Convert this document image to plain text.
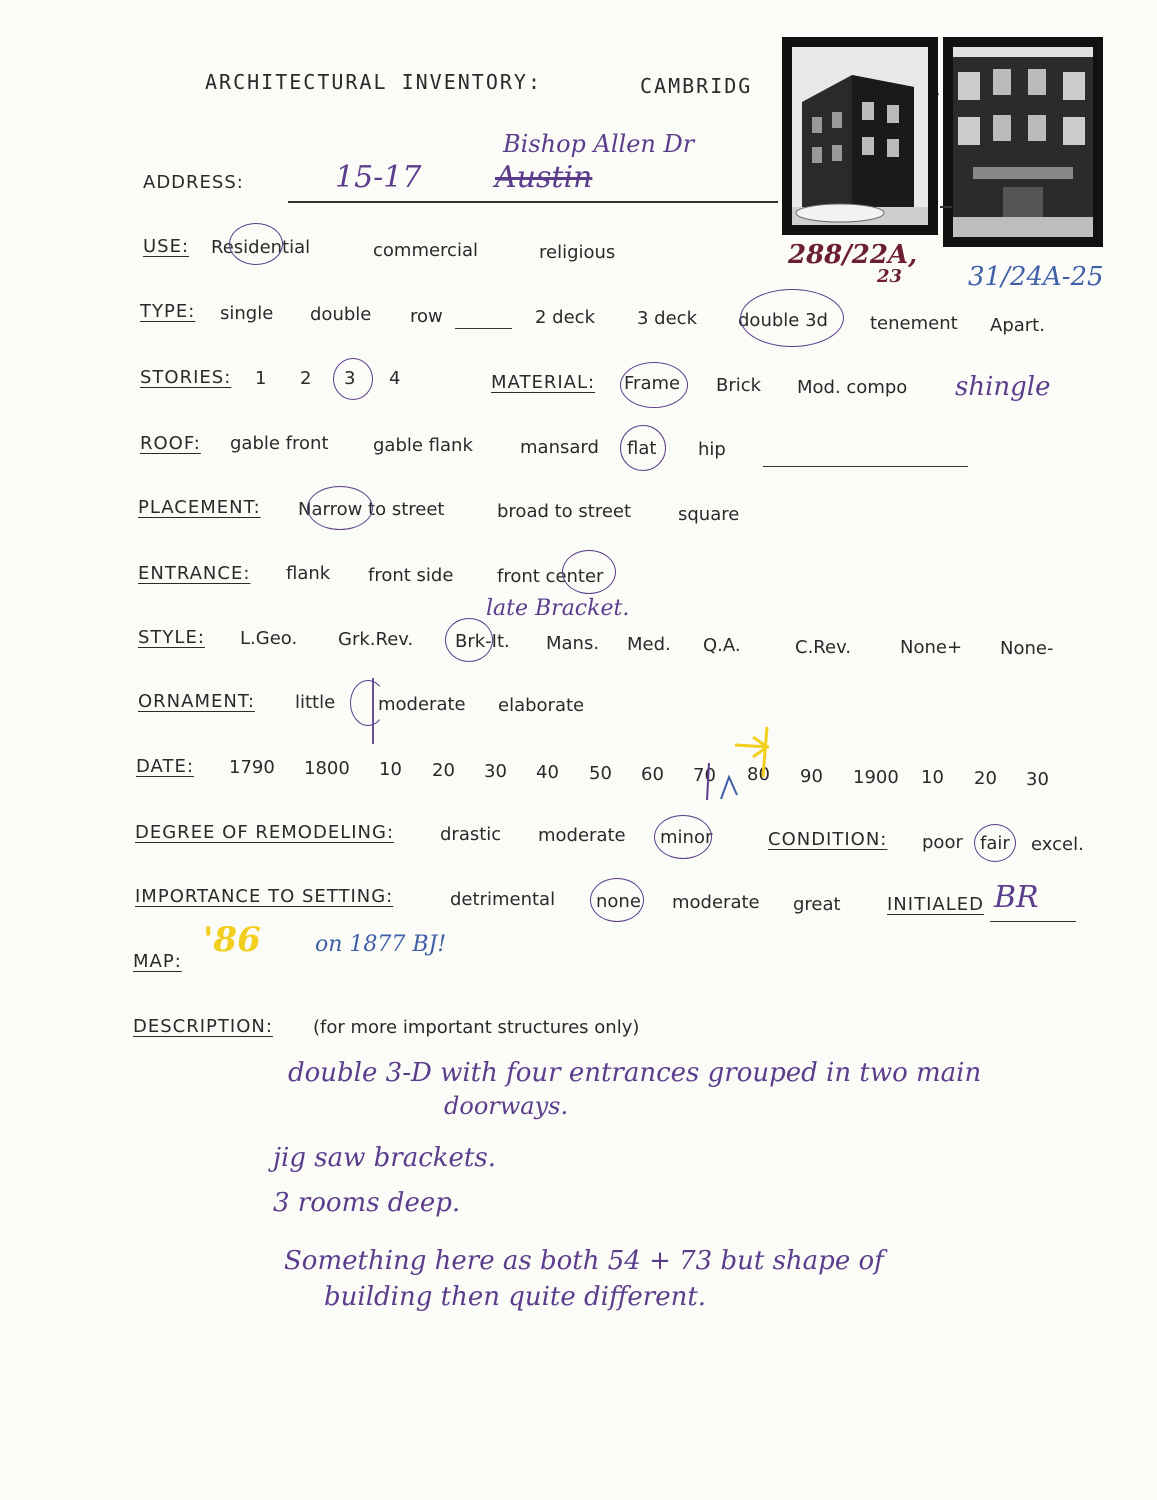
ARCHITECTURAL INVENTORY:	CAMBRIDG
288/22A,
23	31/24A-25
ADDRESS:	15-17 Austin
Bishop Allen Dr
USE: Residential	commercial	religious
TYPE: single double row	2 deck 3 deck double 3d tenement Apart.
STORIES: 1 2 3 4	MATERIAL: Frame Brick Mod. compo shingle
ROOF: gable front gable flank	mansard flat hip
PLACEMENT: Narrow to street	broad to street	square
ENTRANCE: flank front side front center
STYLE: L.Geo. Grk.Rev. Brk-It. Mans. Med. Q.A.	C.Rev.	None+ None-
late Bracket.
ORNAMENT: little moderate elaborate
DATE: 1790 1800 10 20 30 40 50 60 70 80 90 1900 10 20 30
DEGREE OF REMODELING:	drastic moderate minor	CONDITION: poor fair excel.
IMPORTANCE TO SETTING:	detrimental none moderate great	INITIALED BR
MAP:
'86 on 1877 BJ!
DESCRIPTION: (for more important structures only)
double 3-D with four entrances grouped in two main
doorways.
jig saw brackets.
3 rooms deep.
Something here as both 54 + 73 but shape of
building then quite different.
